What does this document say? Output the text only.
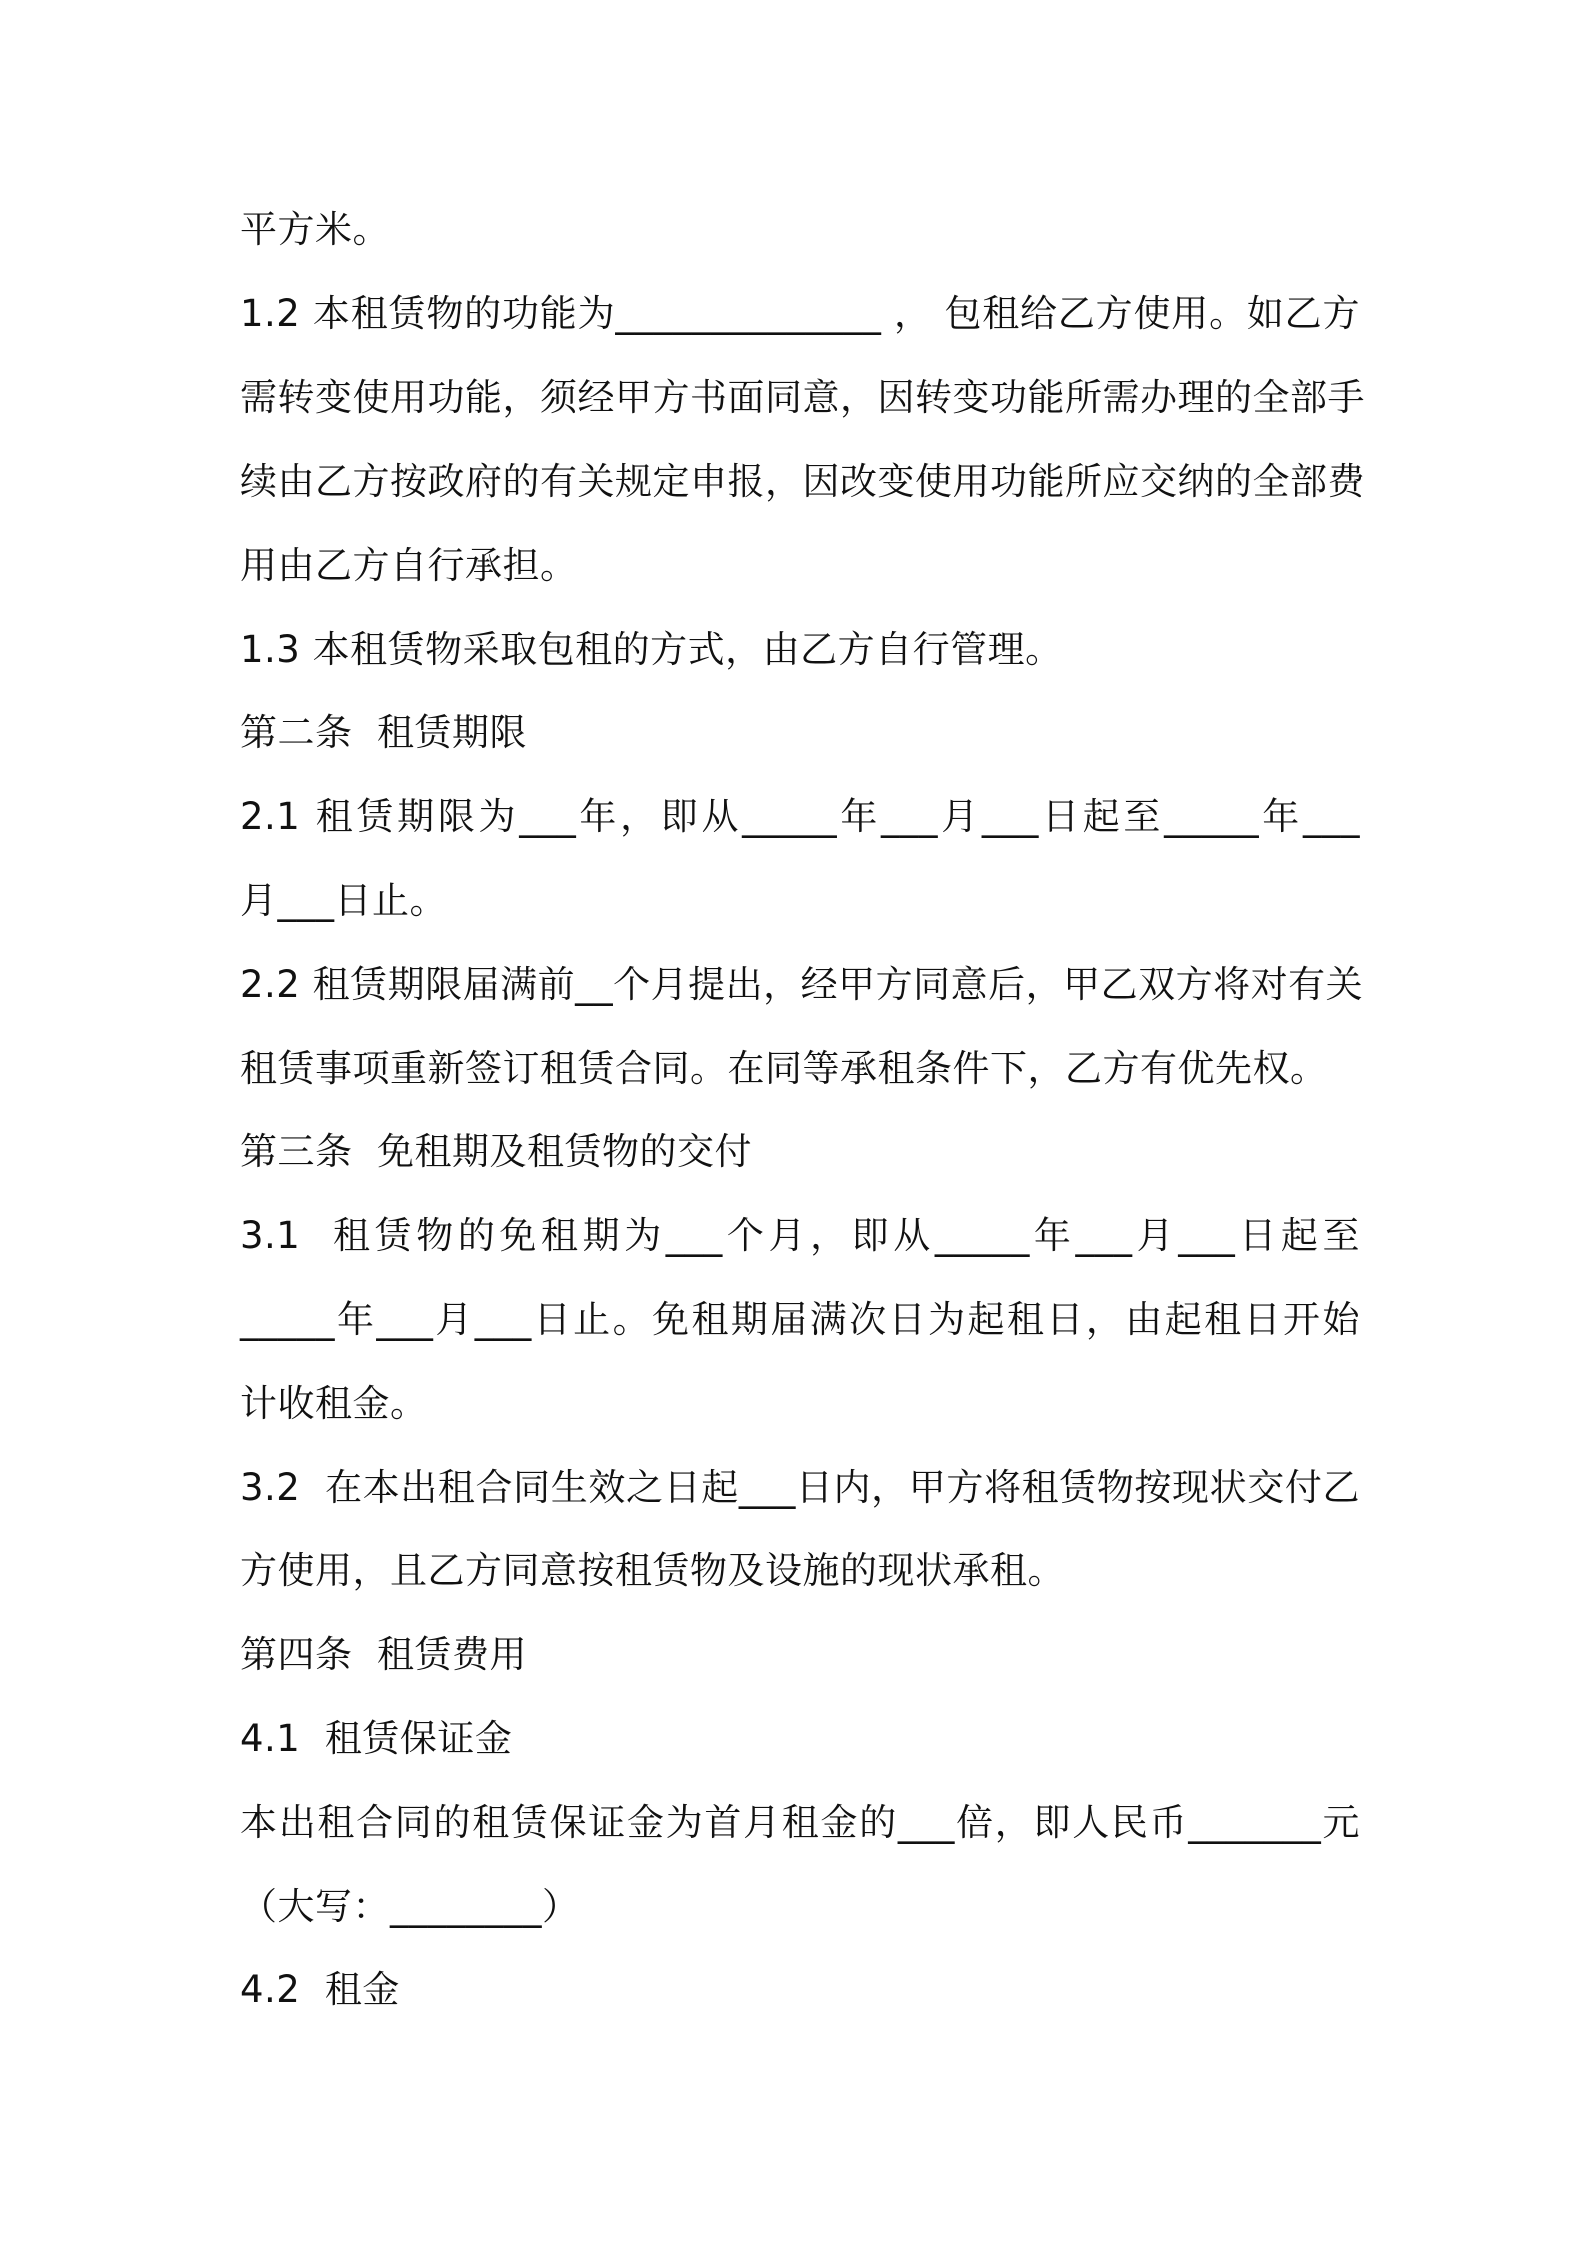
平方米。
1.2 本租赁物的功能为______________ ， 包租给乙方使用。如乙方
需转变使用功能，须经甲方书面同意，因转变功能所需办理的全部手
续由乙方按政府的有关规定申报，因改变使用功能所应交纳的全部费
用由乙方自行承担。
1.3 本租赁物采取包租的方式，由乙方自行管理。
第二条  租赁期限
2.1 租赁期限为___年，即从_____年___月___日起至_____年___
月___日止。
2.2 租赁期限届满前__个月提出，经甲方同意后，甲乙双方将对有关
租赁事项重新签订租赁合同。在同等承租条件下，乙方有优先权。
第三条  免租期及租赁物的交付
3.1  租赁物的免租期为___个月，即从_____年___月___日起至
_____年___月___日止。免租期届满次日为起租日，由起租日开始
计收租金。
3.2  在本出租合同生效之日起___日内，甲方将租赁物按现状交付乙
方使用，且乙方同意按租赁物及设施的现状承租。
第四条  租赁费用
4.1  租赁保证金
本出租合同的租赁保证金为首月租金的___倍，即人民币_______元
（大写：________）
4.2  租金
